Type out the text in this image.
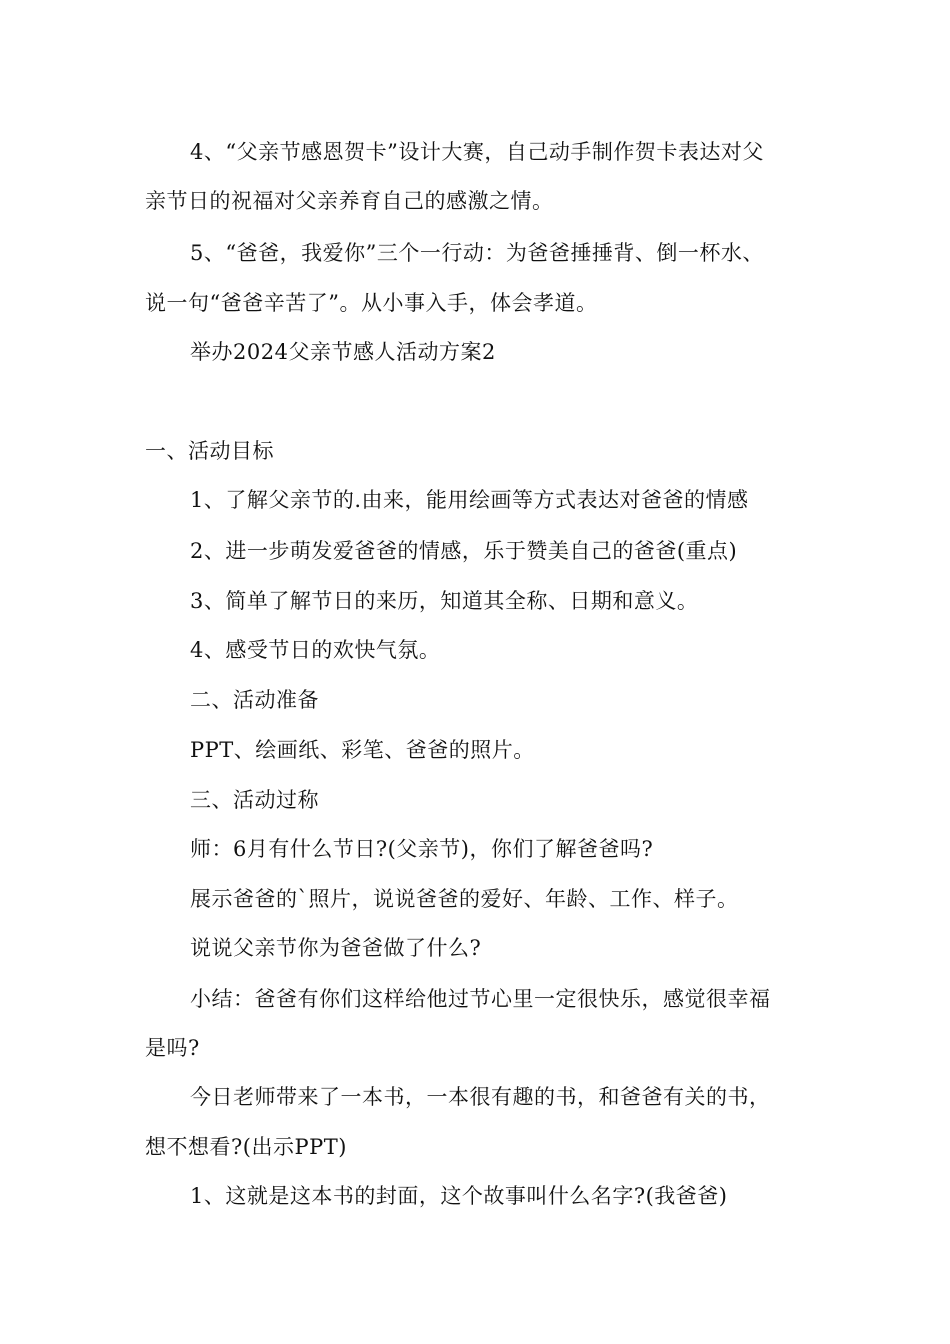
4、“父亲节感恩贺卡”设计大赛，自己动手制作贺卡表达对父
亲节日的祝福对父亲养育自己的感激之情。
5、“爸爸，我爱你”三个一行动：为爸爸捶捶背、倒一杯水、
说一句“爸爸辛苦了”。从小事入手，体会孝道。
举办2024父亲节感人活动方案2
一、活动目标
1、了解父亲节的.由来，能用绘画等方式表达对爸爸的情感
2、进一步萌发爱爸爸的情感，乐于赞美自己的爸爸(重点)
3、简单了解节日的来历，知道其全称、日期和意义。
4、感受节日的欢快气氛。
二、活动准备
PPT、绘画纸、彩笔、爸爸的照片。
三、活动过称
师：6月有什么节日?(父亲节)，你们了解爸爸吗?
展示爸爸的`照片，说说爸爸的爱好、年龄、工作、样子。
说说父亲节你为爸爸做了什么?
小结：爸爸有你们这样给他过节心里一定很快乐，感觉很幸福
是吗?
今日老师带来了一本书，一本很有趣的书，和爸爸有关的书，
想不想看?(出示PPT)
1、这就是这本书的封面，这个故事叫什么名字?(我爸爸)
